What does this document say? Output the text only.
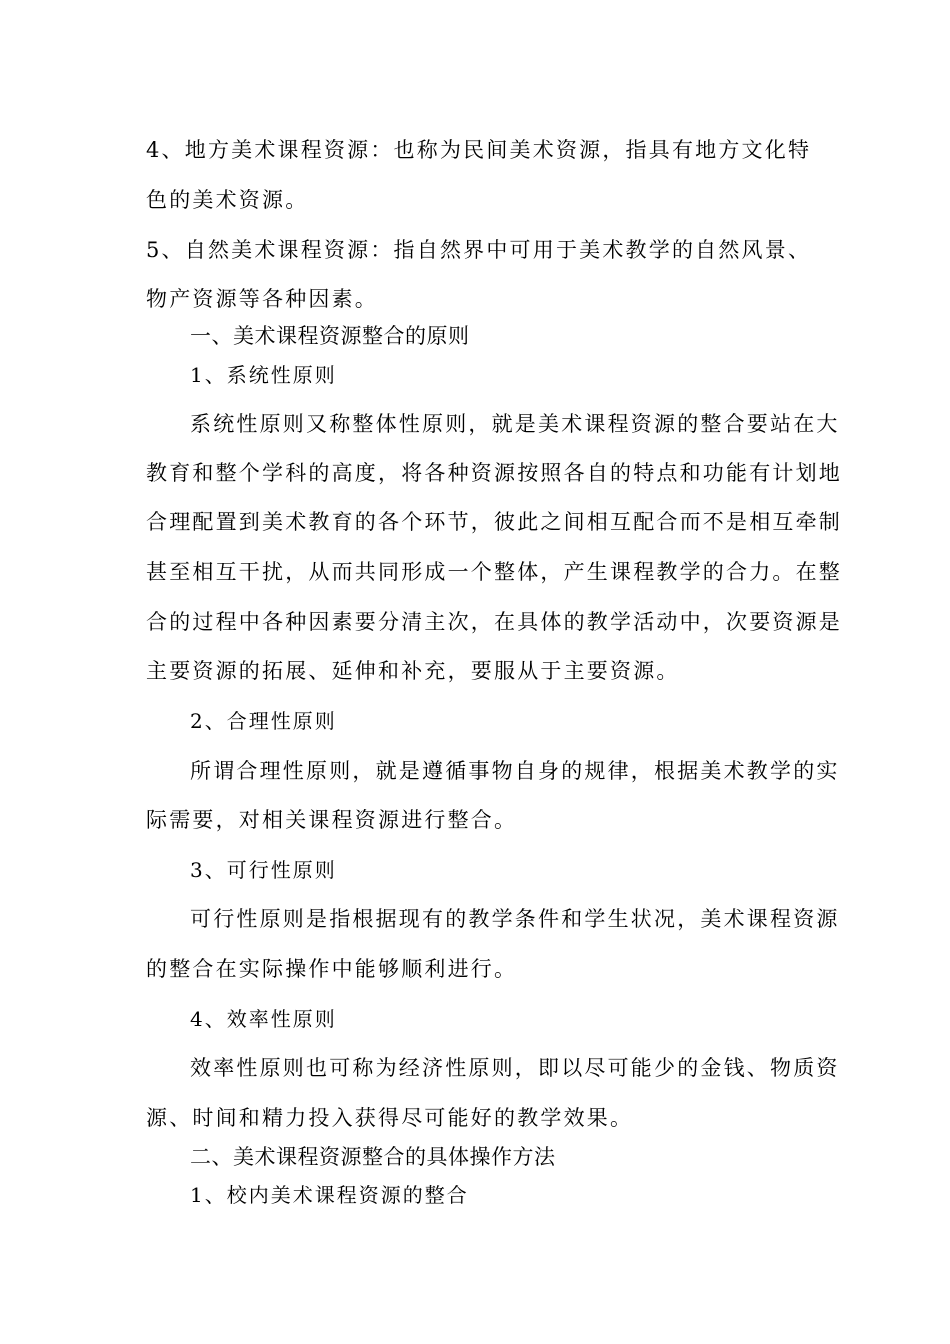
4、地方美术课程资源：也称为民间美术资源，指具有地方文化特
色的美术资源。
5、自然美术课程资源：指自然界中可用于美术教学的自然风景、
物产资源等各种因素。
一、美术课程资源整合的原则
1、系统性原则
系统性原则又称整体性原则，就是美术课程资源的整合要站在大
教育和整个学科的高度，将各种资源按照各自的特点和功能有计划地
合理配置到美术教育的各个环节，彼此之间相互配合而不是相互牵制
甚至相互干扰，从而共同形成一个整体，产生课程教学的合力。在整
合的过程中各种因素要分清主次，在具体的教学活动中，次要资源是
主要资源的拓展、延伸和补充，要服从于主要资源。
2、合理性原则
所谓合理性原则，就是遵循事物自身的规律，根据美术教学的实
际需要，对相关课程资源进行整合。
3、可行性原则
可行性原则是指根据现有的教学条件和学生状况，美术课程资源
的整合在实际操作中能够顺利进行。
4、效率性原则
效率性原则也可称为经济性原则，即以尽可能少的金钱、物质资
源、时间和精力投入获得尽可能好的教学效果。
二、美术课程资源整合的具体操作方法
1、校内美术课程资源的整合
